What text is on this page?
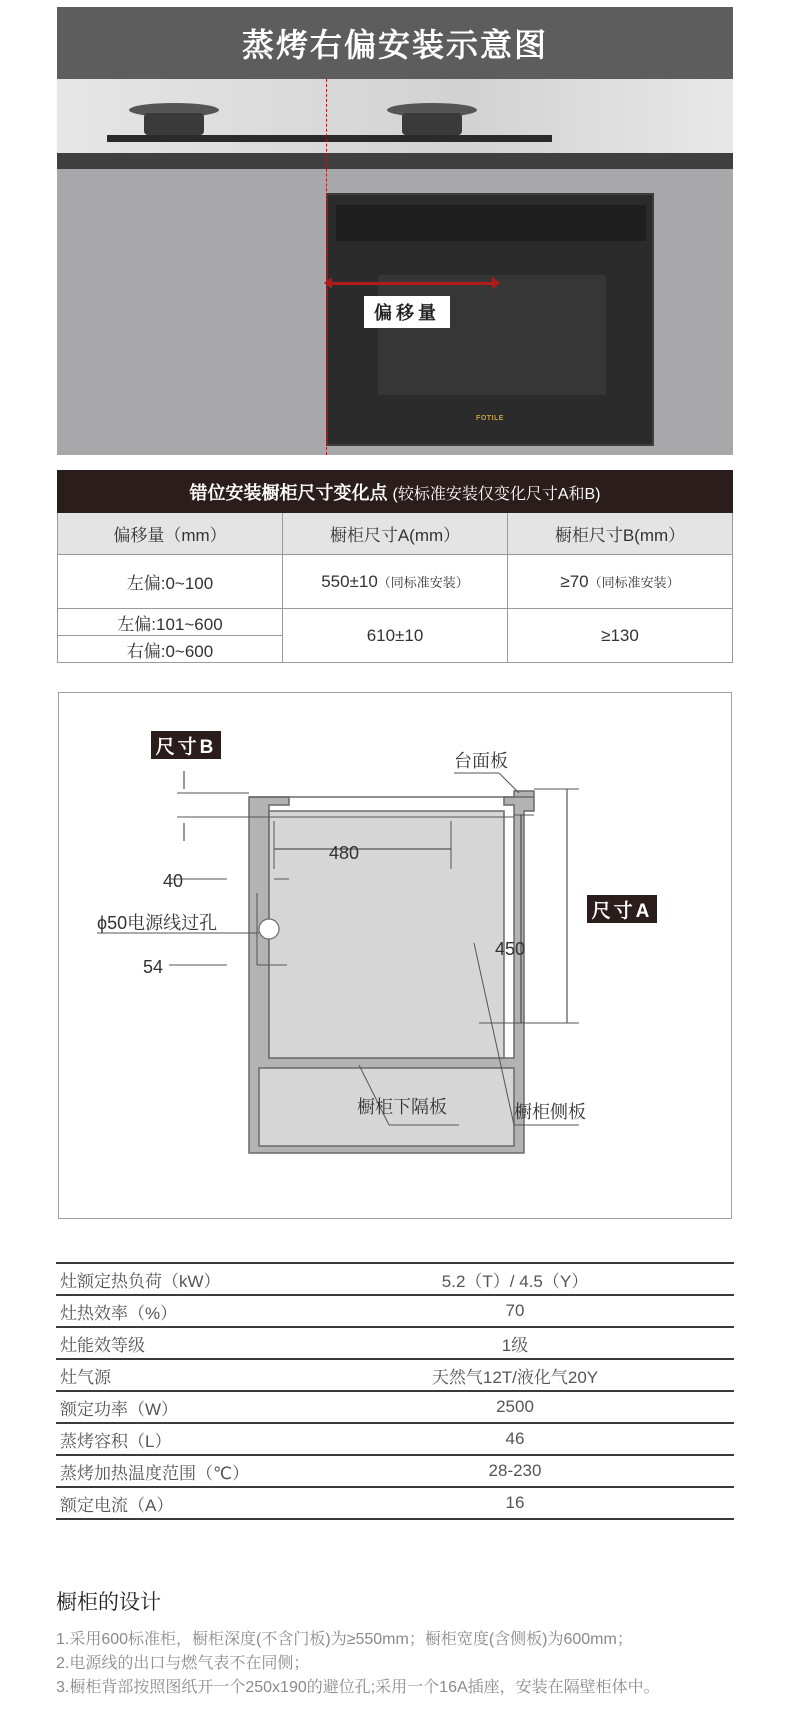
蒸烤右偏安装示意图
FOTILE
偏移量
错位安装橱柜尺寸变化点 (较标准安装仅变化尺寸A和B)		
偏移量（mm）	橱柜尺寸A(mm）	橱柜尺寸B(mm）
左偏:0~100	550±10（同标准安装）	≥70（同标准安装）
左偏:101~600	610±10	≥130
右偏:0~600		
尺寸B
尺寸A
台面板
480
40
ϕ50电源线过孔
54
450
橱柜下隔板	橱柜侧板
灶额定热负荷（kW）	5.2（T）/ 4.5（Y）
灶热效率（%）	70
灶能效等级	1级
灶气源	天然气12T/液化气20Y
额定功率（W）	2500
蒸烤容积（L）	46
蒸烤加热温度范围（℃）	28-230
额定电流（A）	16
橱柜的设计
1.采用600标准柜，橱柜深度(不含门板)为≥550mm；橱柜宽度(含侧板)为600mm；
2.电源线的出口与燃气表不在同侧；
3.橱柜背部按照图纸开一个250x190的避位孔;采用一个16A插座，安装在隔壁柜体中。
